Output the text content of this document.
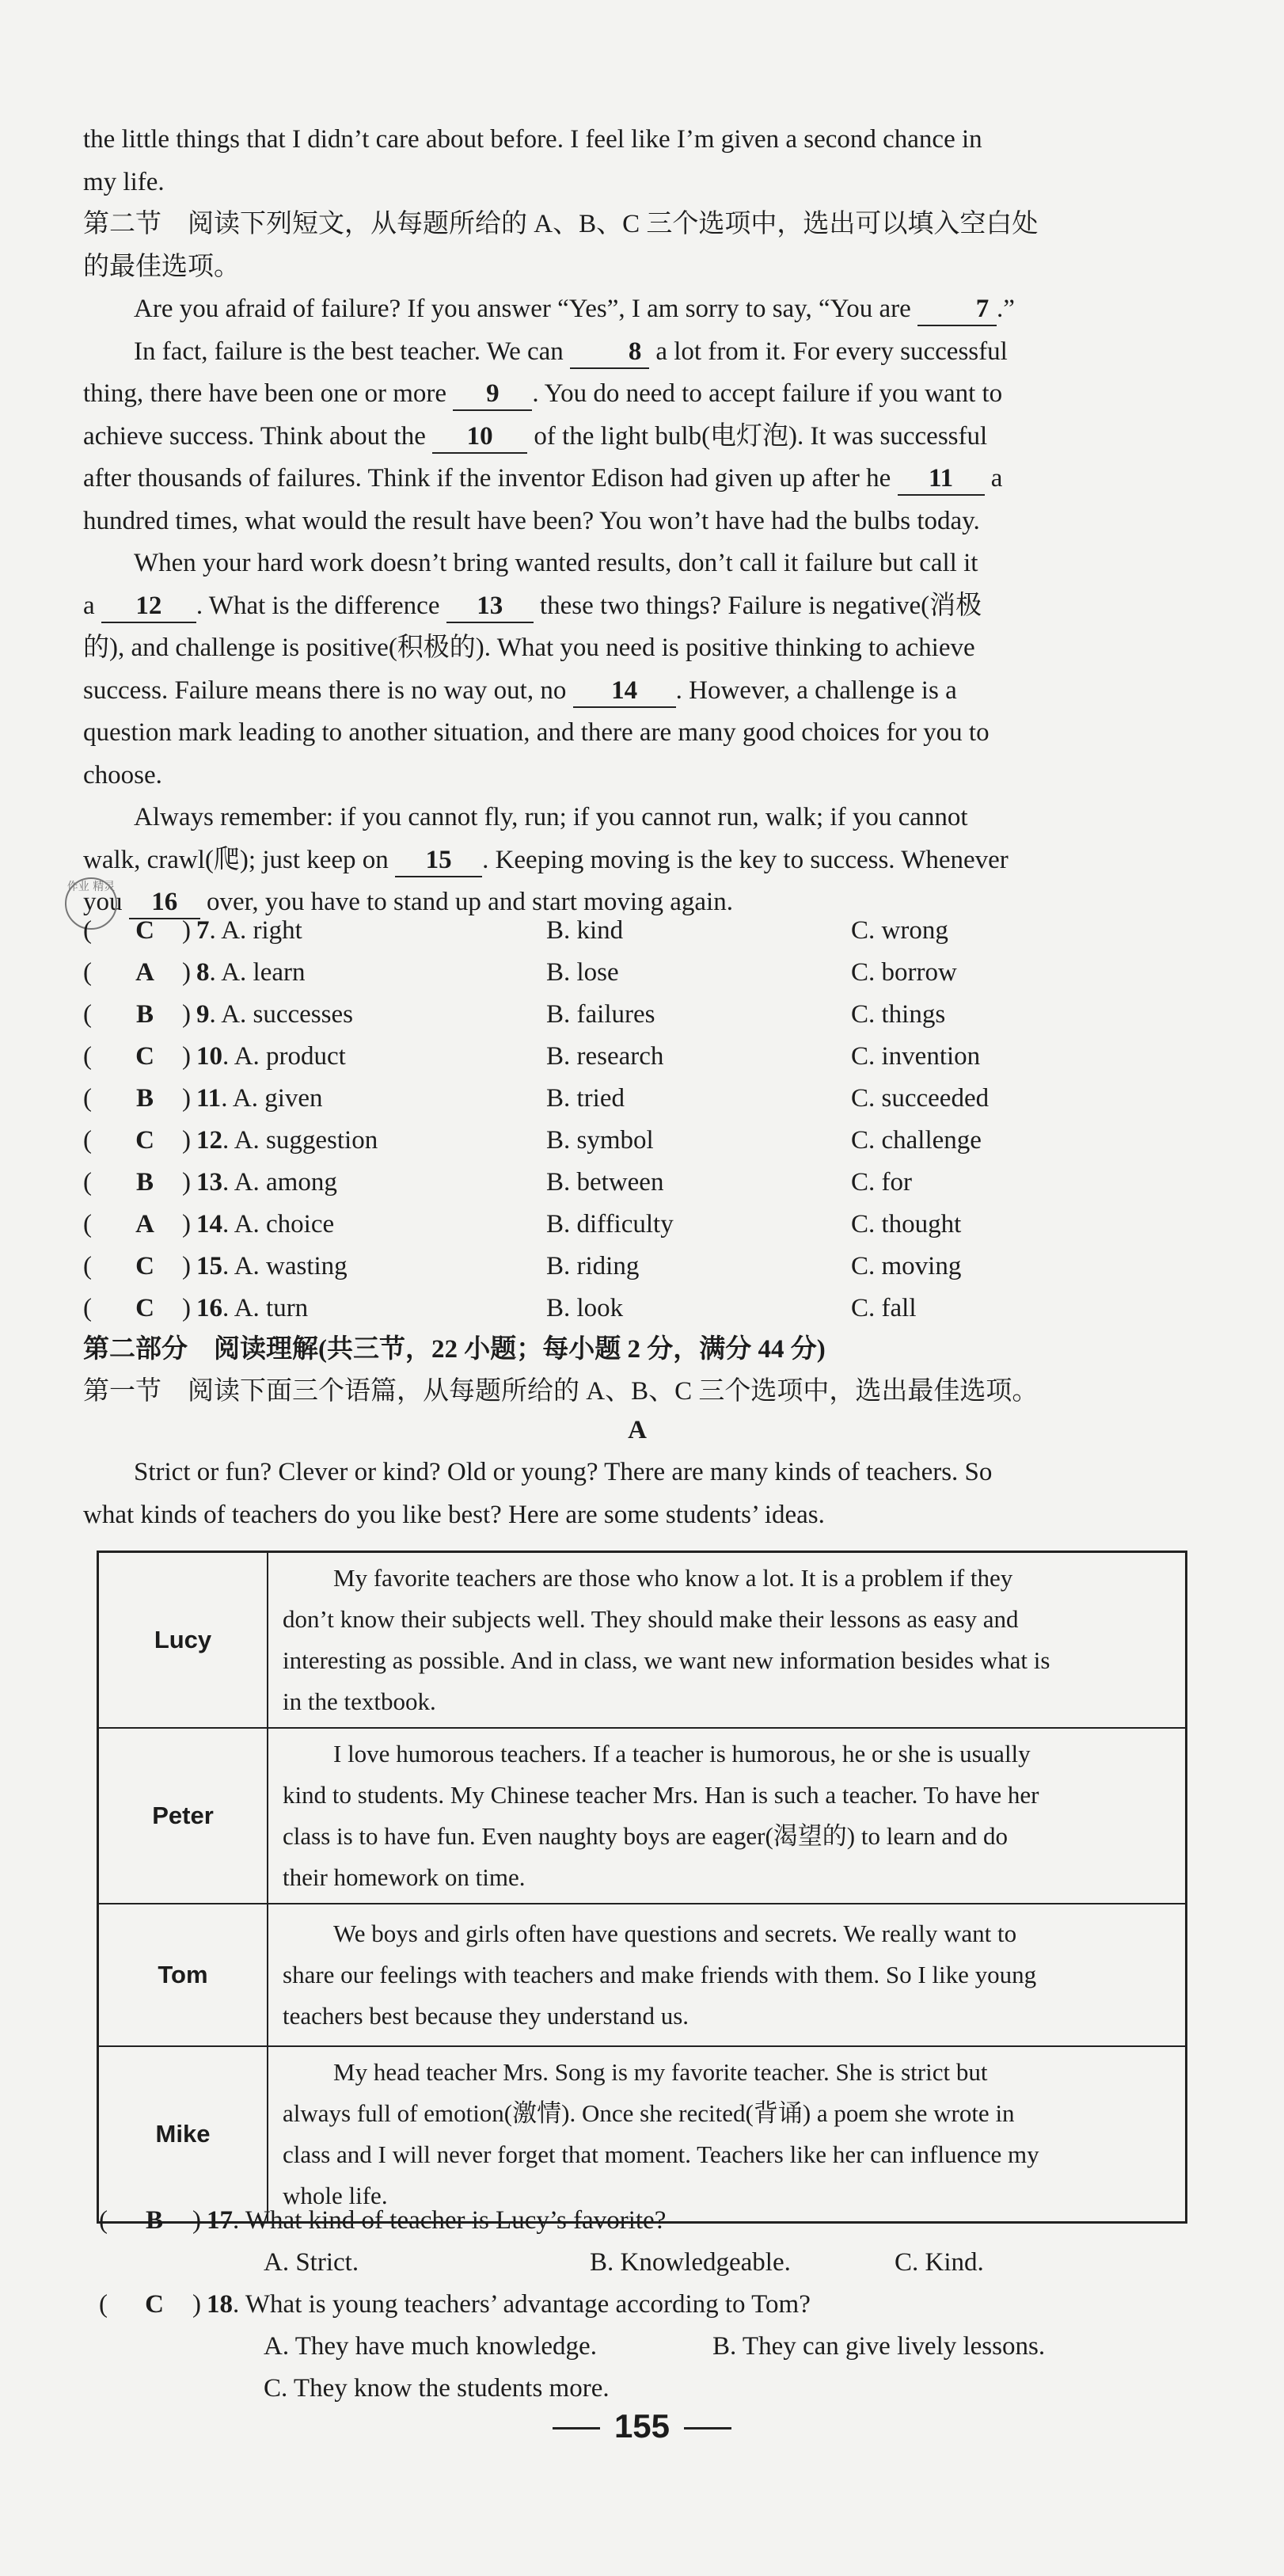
the little things that I didn’t care about before. I feel like I’m given a second chance in
my life.
第二节　阅读下列短文，从每题所给的 A、B、C 三个选项中，选出可以填入空白处
的最佳选项。
Are you afraid of failure? If you answer “Yes”, I am sorry to say, “You are 7 .”
In fact, failure is the best teacher. We can 8 a lot from it. For every successful
thing, there have been one or more 9 . You do need to accept failure if you want to
achieve success. Think about the 10 of the light bulb(电灯泡). It was successful
after thousands of failures. Think if the inventor Edison had given up after he 11 a
hundred times, what would the result have been? You won’t have had the bulbs today.
When your hard work doesn’t bring wanted results, don’t call it failure but call it
a 12 . What is the difference 13 these two things? Failure is negative(消极
的), and challenge is positive(积极的). What you need is positive thinking to achieve
success. Failure means there is no way out, no 14 . However, a challenge is a
question mark leading to another situation, and there are many good choices for you to
choose.
Always remember: if you cannot fly, run; if you cannot run, walk; if you cannot
walk, crawl(爬); just keep on 15 . Keeping moving is the key to success. Whenever
you 16 over, you have to stand up and start moving again.
作业 精灵
( C ) 7. A. right	B. kind	C. wrong
( A ) 8. A. learn	B. lose	C. borrow
( B ) 9. A. successes	B. failures	C. things
( C ) 10. A. product	B. research	C. invention
( B ) 11. A. given	B. tried	C. succeeded
( C ) 12. A. suggestion	B. symbol	C. challenge
( B ) 13. A. among	B. between	C. for
( A ) 14. A. choice	B. difficulty	C. thought
( C ) 15. A. wasting	B. riding	C. moving
( C ) 16. A. turn	B. look	C. fall
第二部分　阅读理解(共三节，22 小题；每小题 2 分，满分 44 分)
第一节　阅读下面三个语篇，从每题所给的 A、B、C 三个选项中，选出最佳选项。
A
Strict or fun? Clever or kind? Old or young? There are many kinds of teachers. So
what kinds of teachers do you like best? Here are some students’ ideas.
Lucy	My favorite teachers are those who know a lot. It is a problem if they
don’t know their subjects well. They should make their lessons as easy and
interesting as possible. And in class, we want new information besides what is
in the textbook.

Peter	I love humorous teachers. If a teacher is humorous, he or she is usually
kind to students. My Chinese teacher Mrs. Han is such a teacher. To have her
class is to have fun. Even naughty boys are eager(渴望的) to learn and do
their homework on time.

Tom	We boys and girls often have questions and secrets. We really want to
share our feelings with teachers and make friends with them. So I like young
teachers best because they understand us.

Mike	My head teacher Mrs. Song is my favorite teacher. She is strict but
always full of emotion(激情). Once she recited(背诵) a poem she wrote in
class and I will never forget that moment. Teachers like her can influence my
whole life.
( B ) 17. What kind of teacher is Lucy’s favorite?
A. Strict.	B. Knowledgeable.	C. Kind.
( C ) 18. What is young teachers’ advantage according to Tom?
A. They have much knowledge.	B. They can give lively lessons.
C. They know the students more.
155
